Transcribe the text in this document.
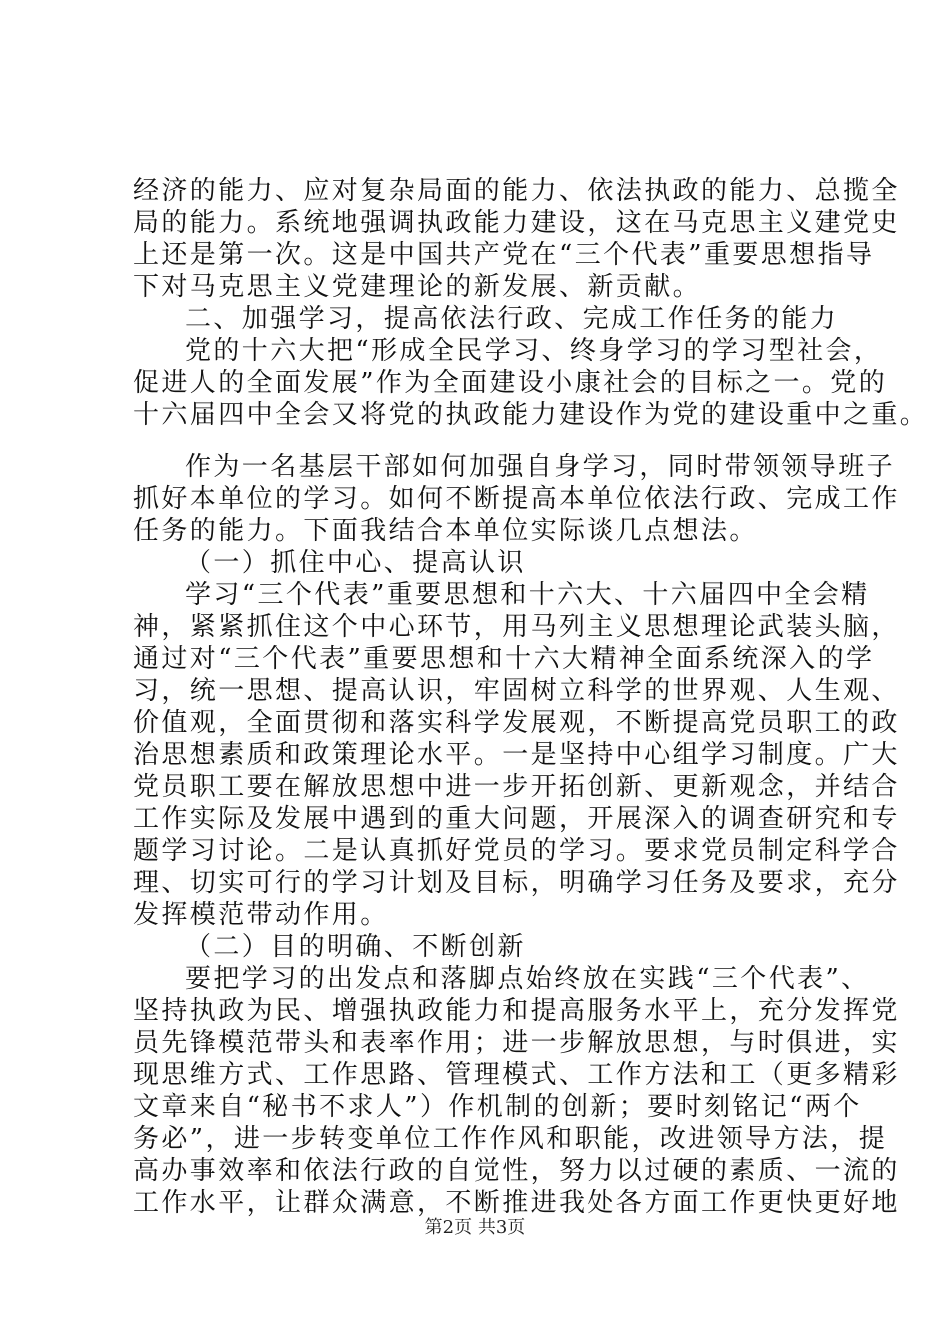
经济的能力、应对复杂局面的能力、依法执政的能力、总揽全
局的能力。系统地强调执政能力建设，这在马克思主义建党史
上还是第一次。这是中国共产党在“三个代表”重要思想指导
下对马克思主义党建理论的新发展、新贡献。
二、加强学习，提高依法行政、完成工作任务的能力
党的十六大把“形成全民学习、终身学习的学习型社会，
促进人的全面发展”作为全面建设小康社会的目标之一。党的
十六届四中全会又将党的执政能力建设作为党的建设重中之重。
作为一名基层干部如何加强自身学习，同时带领领导班子
抓好本单位的学习。如何不断提高本单位依法行政、完成工作
任务的能力。下面我结合本单位实际谈几点想法。
（一）抓住中心、提高认识
学习“三个代表”重要思想和十六大、十六届四中全会精
神，紧紧抓住这个中心环节，用马列主义思想理论武装头脑，
通过对“三个代表”重要思想和十六大精神全面系统深入的学
习，统一思想、提高认识，牢固树立科学的世界观、人生观、
价值观，全面贯彻和落实科学发展观，不断提高党员职工的政
治思想素质和政策理论水平。一是坚持中心组学习制度。广大
党员职工要在解放思想中进一步开拓创新、更新观念，并结合
工作实际及发展中遇到的重大问题，开展深入的调查研究和专
题学习讨论。二是认真抓好党员的学习。要求党员制定科学合
理、切实可行的学习计划及目标，明确学习任务及要求，充分
发挥模范带动作用。
（二）目的明确、不断创新
要把学习的出发点和落脚点始终放在实践“三个代表”、
坚持执政为民、增强执政能力和提高服务水平上，充分发挥党
员先锋模范带头和表率作用；进一步解放思想，与时俱进，实
现思维方式、工作思路、管理模式、工作方法和工（更多精彩
文章来自“秘书不求人”）作机制的创新；要时刻铭记“两个
务必”，进一步转变单位工作作风和职能，改进领导方法，提
高办事效率和依法行政的自觉性，努力以过硬的素质、一流的
工作水平，让群众满意，不断推进我处各方面工作更快更好地
第2页 共3页
